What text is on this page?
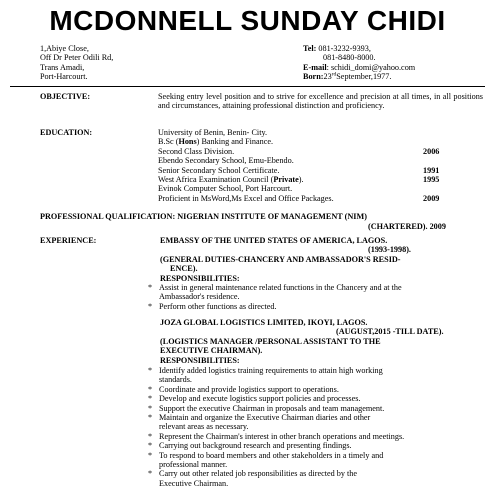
MCDONNELL SUNDAY CHIDI
1,Abiye Close,
Off Dr Peter Odili Rd,
Trans Amadi,
Port-Harcourt.
Tel: 081-3232-9393,
081-8480-8000.
E-mail: schidi_domi@yahoo.com
Born:23rdSeptember,1977.
OBJECTIVE:	Seeking entry level position and to strive for excellence and precision at all times, in all positions and circumstances, attaining professional distinction and proficiency.
EDUCATION:	University of Benin, Benin- City.
B.Sc (Hons) Banking and Finance.
Second Class Division.	2006
Ebendo Secondary School, Emu-Ebendo.
Senior Secondary School Certificate.	1991
West Africa Examination Council (Private).	1995
Evinok Computer School, Port Harcourt.
Proficient in MsWord,Ms Excel and Office Packages.	2009
PROFESSIONAL QUALIFICATION: NIGERIAN INSTITUTE OF MANAGEMENT (NIM)
(CHARTERED). 2009
EXPERIENCE:	EMBASSY OF THE UNITED STATES OF AMERICA, LAGOS.
(1993-1998).
(GENERAL DUTIES-CHANCERY AND AMBASSADOR'S RESID-
ENCE).
RESPONSIBILITIES:
* Assist in general maintenance related functions in the Chancery and at the
Ambassador's residence.
* Perform other functions as directed.
JOZA GLOBAL LOGISTICS LIMITED, IKOYI, LAGOS.
(AUGUST,2015 -TILL DATE).
(LOGISTICS MANAGER /PERSONAL ASSISTANT TO THE
EXECUTIVE CHAIRMAN).
RESPONSIBILITIES:
* Identify added logistics training requirements to attain high working
standards.
* Coordinate and provide logistics support to operations.
* Develop and execute logistics support policies and processes.
* Support the executive Chairman in proposals and team management.
* Maintain and organize the Executive Chairman diaries and other
relevant areas as necessary.
* Represent the Chairman's interest in other branch operations and meetings.
* Carrying out background research and presenting findings.
* To respond to board members and other stakeholders in a timely and
professional manner.
* Carry out other related job responsibilities as directed by the
Executive Chairman.
